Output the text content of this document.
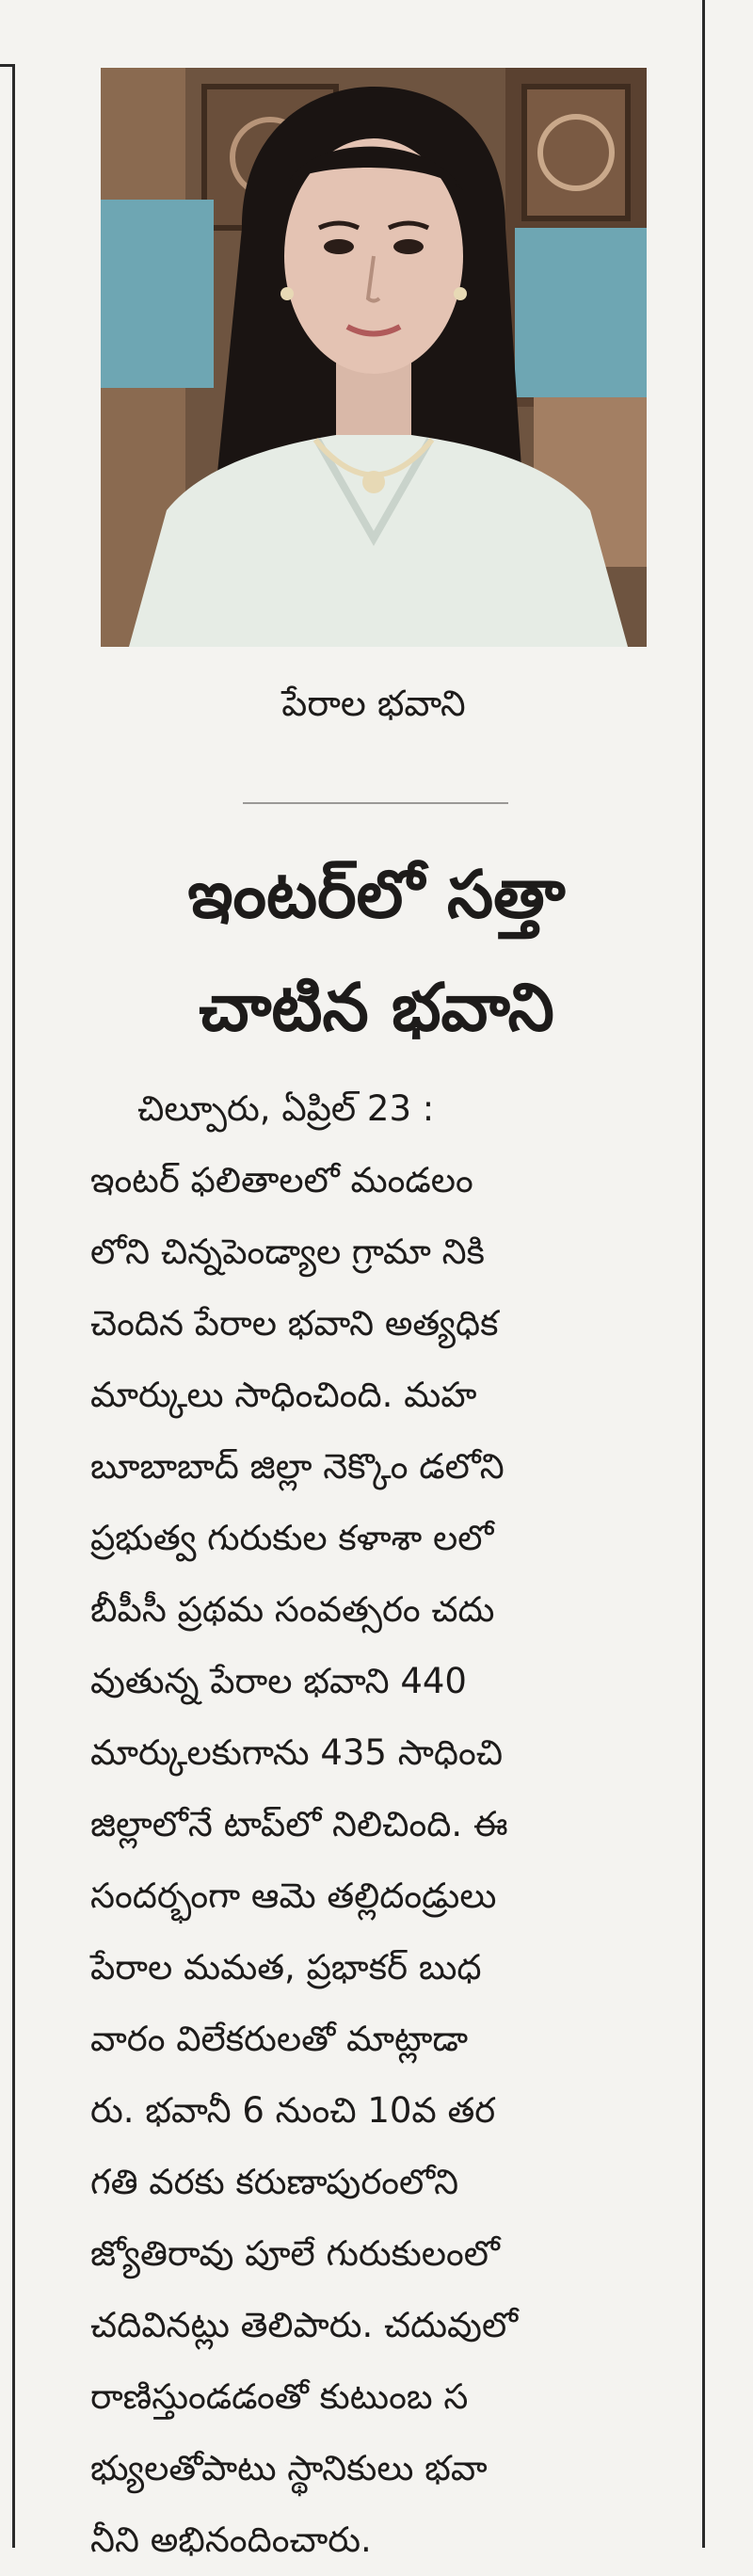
పేరాల భవాని
ఇంటర్‌లో సత్తా
చాటిన భవాని
చిల్పూరు, ఏప్రిల్ 23 :
ఇంటర్ ఫలితాలలో మండలం
లోని చిన్నపెండ్యాల గ్రామా నికి
చెందిన పేరాల భవాని అత్యధిక
మార్కులు సాధించింది. మహ
బూబాబాద్ జిల్లా నెక్కొం డలోని
ప్రభుత్వ గురుకుల కళాశా లలో
బీపీసీ ప్రథమ సంవత్సరం చదు
వుతున్న పేరాల భవాని 440
మార్కులకుగాను 435 సాధించి
జిల్లాలోనే టాప్‌లో నిలిచింది. ఈ
సందర్భంగా ఆమె తల్లిదండ్రులు
పేరాల మమత, ప్రభాకర్ బుధ
వారం విలేకరులతో మాట్లాడా
రు. భవానీ 6 నుంచి 10వ తర
గతి వరకు కరుణాపురంలోని
జ్యోతిరావు పూలే గురుకులంలో
చదివినట్లు తెలిపారు. చదువులో
రాణిస్తుండడంతో కుటుంబ స
భ్యులతోపాటు స్థానికులు భవా
నీని అభినందించారు.
